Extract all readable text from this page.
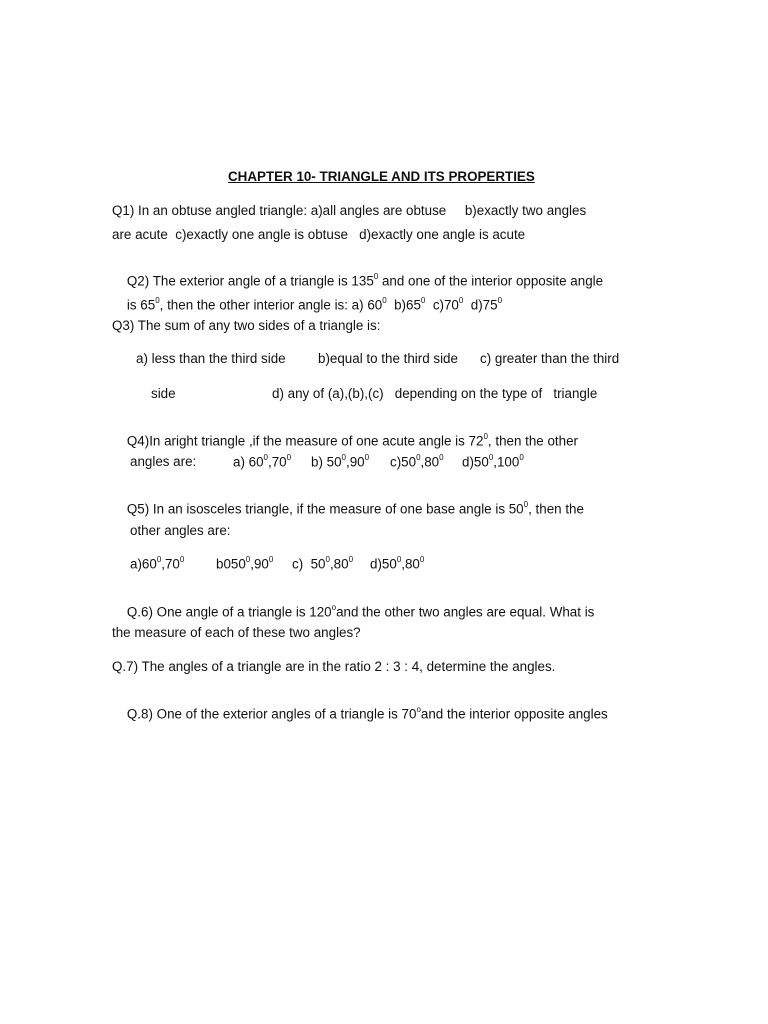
CHAPTER 10- TRIANGLE AND ITS PROPERTIES
Q1) In an obtuse angled triangle: a)all angles are obtuse     b)exactly two angles
are acute  c)exactly one angle is obtuse   d)exactly one angle is acute

Q2) The exterior angle of a triangle is $135^0$ and one of the interior opposite angle

is $65^0$, then the other interior angle is: a) $60^0$  $b)65^0$  $c)70^0$  $d)75^0$

Q3) The sum of any two sides of a triangle is:
a) less than the third side b)equal to the third side c) greater than the third
side	d) any of (a),(b),(c)   depending on the type of   triangle

Q4)In aright triangle ,if the measure of one acute angle is $72^0$, then the other

angles are:	a) $60^0,70^0$ b) $50^0,90^0$ $c)50^0,80^0$ $d)50^0,100^0$

Q5) In an isosceles triangle, if the measure of one base angle is $50^0$, then the

other angles are:
$a)60^0,70^0$ $b050^0,90^0$ c)  $50^0,80^0$ $d)50^0,80^0$

Q.6) One angle of a triangle is 120$^o$and the other two angles are equal. What is

the measure of each of these two angles?
Q.7) The angles of a triangle are in the ratio 2 : 3 : 4, determine the angles.

Q.8) One of the exterior angles of a triangle is 70$^o$and the interior opposite angles
